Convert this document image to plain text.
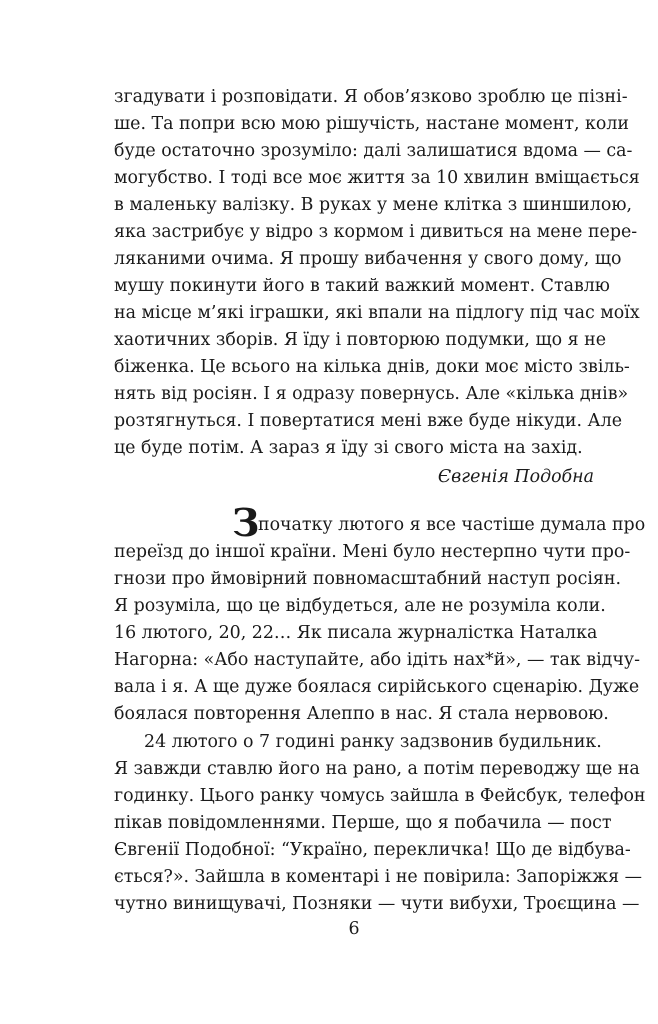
згадувати і розповідати. Я обов’язково зроблю це пізні-
ше. Та попри всю мою рішучість, настане момент, коли
буде остаточно зрозуміло: далі залишатися вдома — са-
могубство. І тоді все моє життя за 10 хвилин вміщається
в маленьку валізку. В руках у мене клітка з шиншилою,
яка застрибує у відро з кормом і дивиться на мене пере-
ляканими очима. Я прошу вибачення у свого дому, що
мушу покинути його в такий важкий момент. Ставлю
на місце м’які іграшки, які впали на підлогу під час моїх
хаотичних зборів. Я їду і повторюю подумки, що я не
біженка. Це всього на кілька днів, доки моє місто звіль-
нять від росіян. І я одразу повернусь. Але «кілька днів»
розтягнуться. І повертатися мені вже буде нікуди. Але
це буде потім. А зараз я їду зі свого міста на захід.
Євгенія Подобна
З
початку лютого я все частіше думала про
переїзд до іншої країни. Мені було нестерпно чути про-
гнози про ймовірний повномасштабний наступ росіян.
Я розуміла, що це відбудеться, але не розуміла коли.
16 лютого, 20, 22… Як писала журналістка Наталка
Нагорна: «Або наступайте, або ідіть нах*й», — так відчу-
вала і я. А ще дуже боялася сирійського сценарію. Дуже
боялася повторення Алеппо в нас. Я стала нервовою.
24 лютого о 7 годині ранку задзвонив будильник.
Я завжди ставлю його на рано, а потім переводжу ще на
годинку. Цього ранку чомусь зайшла в Фейсбук, телефон
пікав повідомленнями. Перше, що я побачила — пост
Євгенії Подобної: “Україно, перекличка! Що де відбува-
ється?». Зайшла в коментарі і не повірила: Запоріжжя —
чутно винищувачі, Позняки — чути вибухи, Троєщина —
6
